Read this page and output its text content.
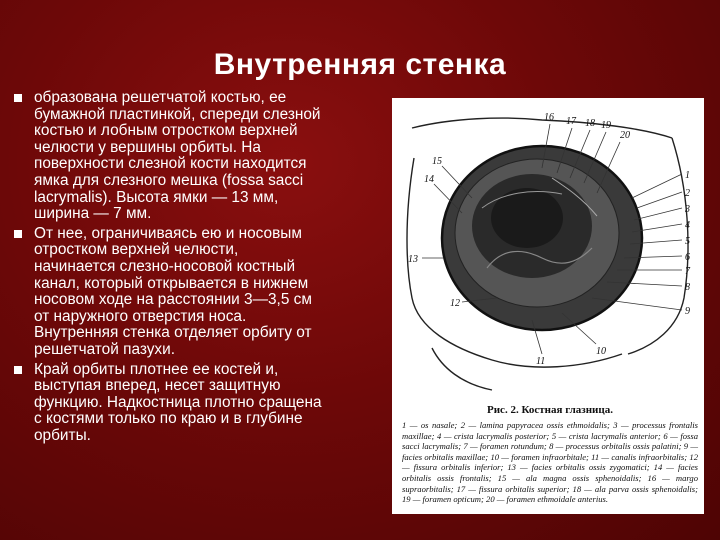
Внутренняя стенка
образована решетчатой костью, ее бумажной пластинкой, спереди слезной костью и лобным отростком верхней челюсти у вершины орбиты. На поверхности слезной кости находится ямка для слезного мешка (fossa sacci lacrymalis). Высота ямки — 13 мм, ширина — 7 мм.
От нее, ограничиваясь ею и носовым отростком верхней челюсти, начинается слезно-носовой костный канал, который открывается в нижнем носовом ходе на расстоянии 3—3,5 см от наружного отверстия носа. Внутренняя стенка отделяет орбиту от решетчатой пазухи.
Край орбиты плотнее ее костей и, выступая вперед, несет защитную функцию. Надкостница плотно сращена с костями только по краю и в глубине орбиты.
16 17 18 19
20
15
14	1
2
3
4
5
6
7
8
9
10
11
12
13
Рис. 2. Костная глазница.
1 — os nasale; 2 — lamina papyracea ossis ethmoidalis; 3 — processus frontalis maxillae; 4 — crista lacrymalis posterior; 5 — crista lacrymalis anterior; 6 — fossa sacci lacrymalis; 7 — foramen rotundum; 8 — processus orbitalis ossis palatini; 9 — facies orbitalis maxillae; 10 — foramen infraorbitale; 11 — canalis infraorbitalis; 12 — fissura orbitalis inferior; 13 — facies orbitalis ossis zygomatici; 14 — facies orbitalis ossis frontalis; 15 — ala magna ossis sphenoidalis; 16 — margo supraorbitalis; 17 — fissura orbitalis superior; 18 — ala parva ossis sphenoidalis; 19 — foramen opticum; 20 — foramen ethmoidale anterius.
